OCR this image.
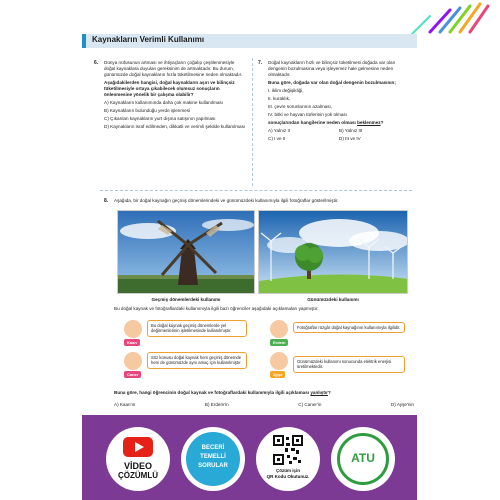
Kaynakların Verimli Kullanımı
6. Dünya nüfusunun artması ve ihtiyaçların çoğalıp çeşitlenmesiyle doğal kaynaklara duyulan gereksinim de artmaktadır. Bu durum, günümüzde doğal kaynakların hızla tüketilmesine neden olmaktadır.
Aşağıdakilerden hangisi, doğal kaynakların aşırı ve bilinçsiz tüketilmesiyle ortaya çıkabilecek olumsuz sonuçların önlenmesine yönelik bir çalışma olabilir?
A) Kaynakların kullanımında daha çok makine kullanılması
B) Kaynakların bulunduğu yerde işlenmesi
C) Çıkarılan kaynakların yurt dışına satışının yapılması
D) Kaynakların israf edilmeden, dikkatli ve verimli şekilde kullanılması
7. Doğal kaynakların hızlı ve bilinçsiz tüketilmesi doğada var olan dengenin bozulmasına veya işleyemez hale gelmesine neden olmaktadır.
Buna göre, doğada var olan doğal dengenin bozulmasının;
I. iklim değişikliği,
II. kuraklık,
III. çevre sorunlarının azalması,
IV. bitki ve hayvan türlerinin yok olması
sonuçlarından hangilerine neden olması beklenmez?
A) Yalnız II	B) Yalnız III
C) I ve II	D) III ve IV
8. Aşağıda, bir doğal kaynağın geçmiş dönemlerindeki ve günümüzdeki kullanımıyla ilgili fotoğraflar gösterilmiştir.
Geçmiş dönemlerdeki kullanımı	Günümüzdeki kullanımı
Bu doğal kaynak ve fotoğraflardaki kullanımıyla ilgili bazı öğrenciler aşağıdaki açıklamaları yapmıştır.
Kaan
Bu doğal kaynak geçmiş dönemlerde yel değirmenlerinin işletilmesinde kullanılmıştır.
Erdem
Fotoğraflar rüzgâr doğal kaynağının kullanımıyla ilgilidir.
Caner
Söz konusu doğal kaynak hem geçmiş dönemde hem de günümüzde aynı amaç için kullanılmıştır.
Ayşe
Günümüzdeki kullanımı sonucunda elektrik enerjisi üretilmektedir.
Buna göre, hangi öğrencinin doğal kaynak ve fotoğraflardaki kullanımıyla ilgili açıklaması yanlıştır?
A) Kaan'ın	B) Erdem'in	C) Caner'in	D) Ayşe'nin
VİDEO
ÇÖZÜMLÜ
BECERİ
TEMELLİ
SORULAR
Çözüm için
QR Kodu Okutunuz.
ATU
